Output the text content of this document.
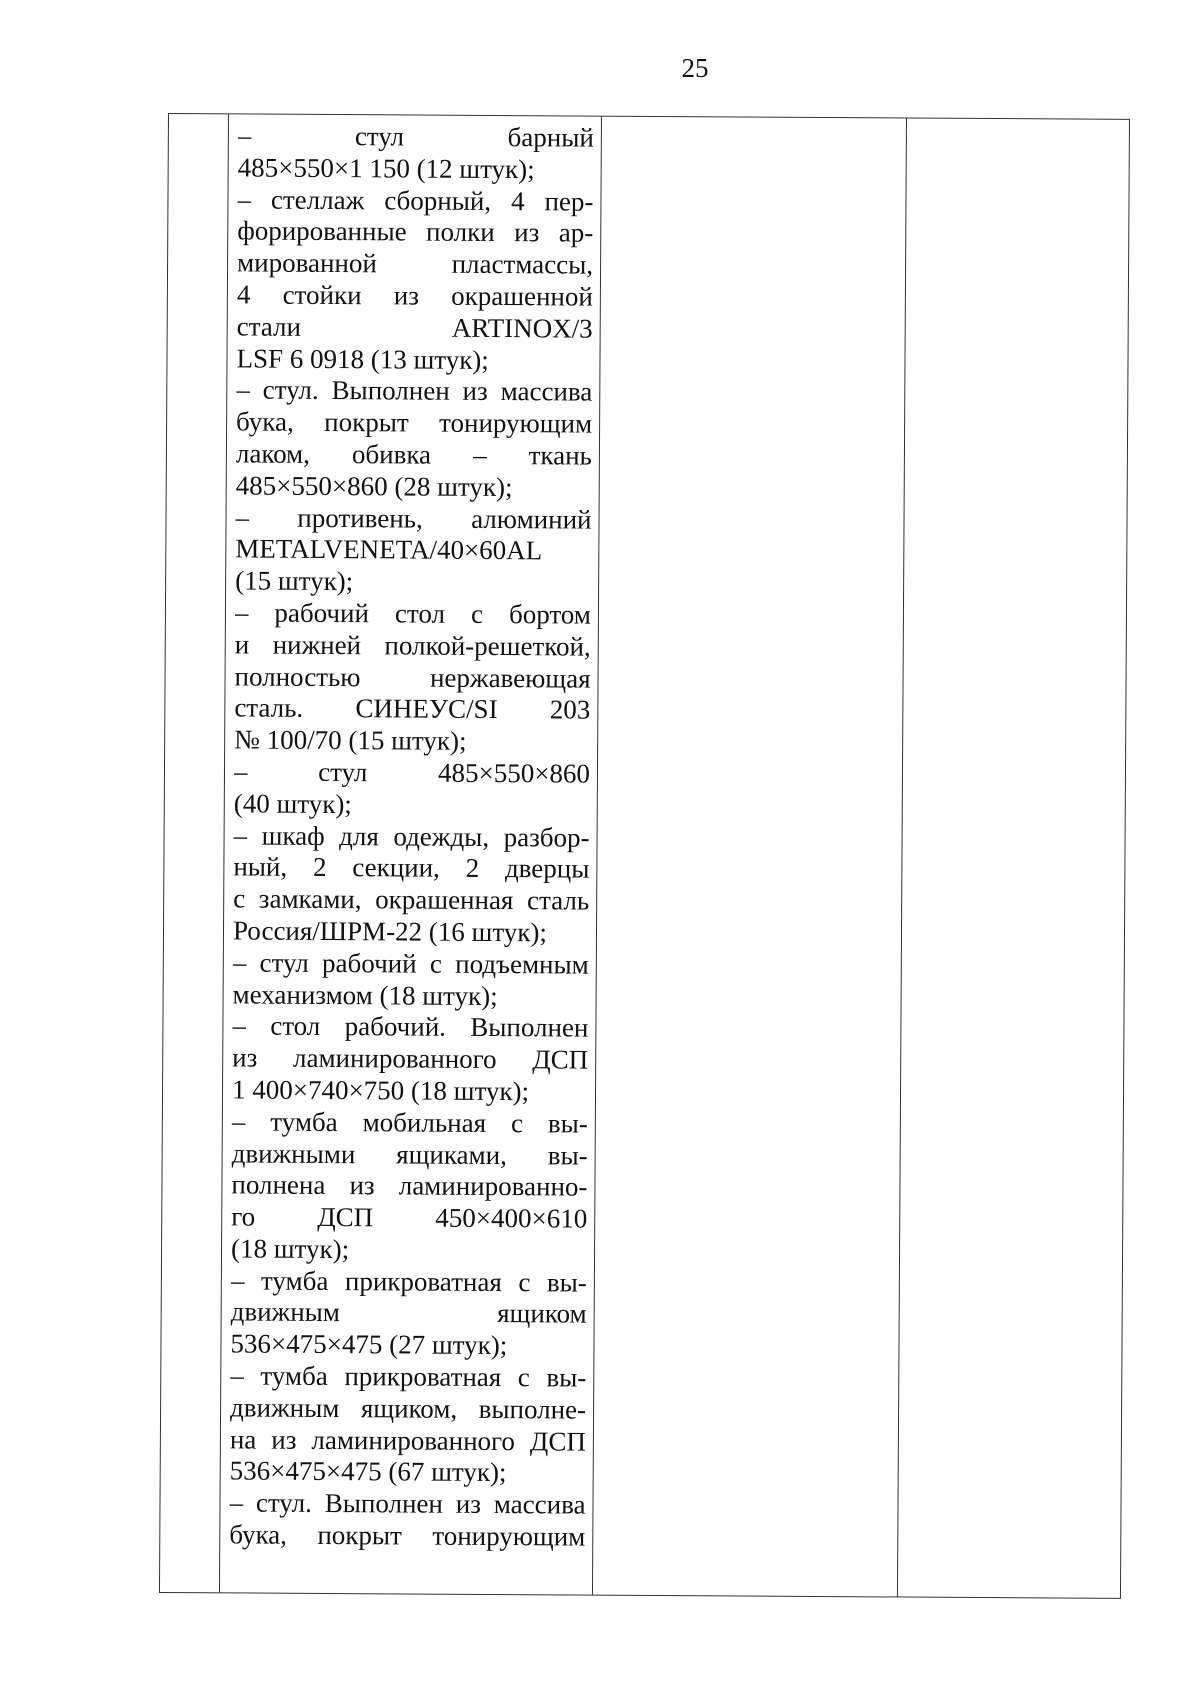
25
– стул барный
485×550×1 150 (12 штук);
– стеллаж сборный, 4 пер-
форированные полки из ар-
мированной пластмассы,
4 стойки из окрашенной
стали ARTINOX/3
LSF 6 0918 (13 штук);
– стул. Выполнен из массива
бука, покрыт тонирующим
лаком, обивка – ткань
485×550×860 (28 штук);
– противень, алюминий
METALVENETA/40×60AL
(15 штук);
– рабочий стол с бортом
и нижней полкой-решеткой,
полностью нержавеющая
сталь. СИНЕУС/SI 203
№ 100/70 (15 штук);
– стул 485×550×860
(40 штук);
– шкаф для одежды, разбор-
ный, 2 секции, 2 дверцы
с замками, окрашенная сталь
Россия/ШРМ-22 (16 штук);
– стул рабочий с подъемным
механизмом (18 штук);
– стол рабочий. Выполнен
из ламинированного ДСП
1 400×740×750 (18 штук);
– тумба мобильная с вы-
движными ящиками, вы-
полнена из ламинированно-
го ДСП 450×400×610
(18 штук);
– тумба прикроватная с вы-
движным ящиком
536×475×475 (27 штук);
– тумба прикроватная с вы-
движным ящиком, выполне-
на из ламинированного ДСП
536×475×475 (67 штук);
– стул. Выполнен из массива
бука, покрыт тонирующим
